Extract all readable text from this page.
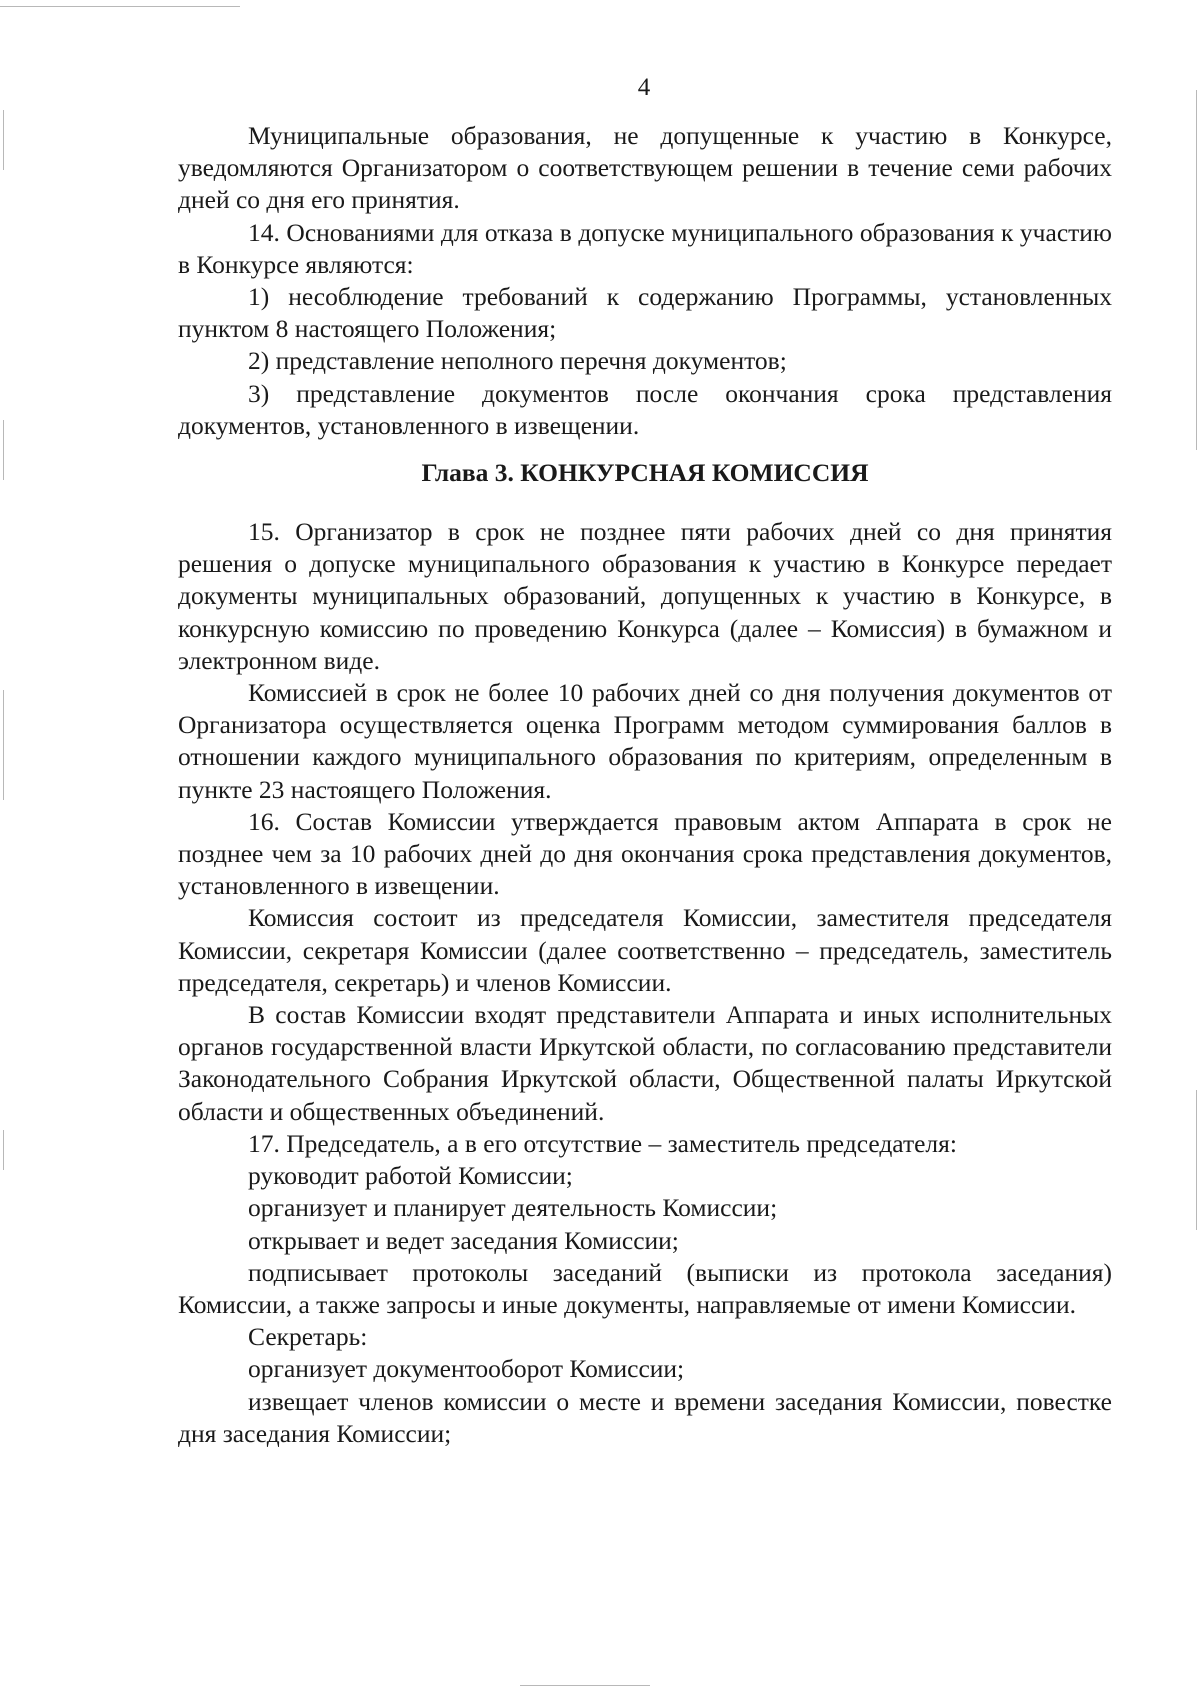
4

Муниципальные образования, не допущенные к участию в Конкурсе, уведомляются Организатором о соответствующем решении в течение семи рабочих дней со дня его принятия.

14. Основаниями для отказа в допуске муниципального образования к участию в Конкурсе являются:

1) несоблюдение требований к содержанию Программы, установленных пунктом 8 настоящего Положения;

2) представление неполного перечня документов;

3) представление документов после окончания срока представления документов, установленного в извещении.

Глава 3. КОНКУРСНАЯ КОМИССИЯ

15. Организатор в срок не позднее пяти рабочих дней со дня принятия решения о допуске муниципального образования к участию в Конкурсе передает документы муниципальных образований, допущенных к участию в Конкурсе, в конкурсную комиссию по проведению Конкурса (далее – Комиссия) в бумажном и электронном виде.

Комиссией в срок не более 10 рабочих дней со дня получения документов от Организатора осуществляется оценка Программ методом суммирования баллов в отношении каждого муниципального образования по критериям, определенным в пункте 23 настоящего Положения.

16. Состав Комиссии утверждается правовым актом Аппарата в срок не позднее чем за 10 рабочих дней до дня окончания срока представления документов, установленного в извещении.

Комиссия состоит из председателя Комиссии, заместителя председателя Комиссии, секретаря Комиссии (далее соответственно – председатель, заместитель председателя, секретарь) и членов Комиссии.

В состав Комиссии входят представители Аппарата и иных исполнительных органов государственной власти Иркутской области, по согласованию представители Законодательного Собрания Иркутской области, Общественной палаты Иркутской области и общественных объединений.

17. Председатель, а в его отсутствие – заместитель председателя:

руководит работой Комиссии;

организует и планирует деятельность Комиссии;

открывает и ведет заседания Комиссии;

подписывает протоколы заседаний (выписки из протокола заседания) Комиссии, а также запросы и иные документы, направляемые от имени Комиссии.

Секретарь:

организует документооборот Комиссии;

извещает членов комиссии о месте и времени заседания Комиссии, повестке дня заседания Комиссии;
